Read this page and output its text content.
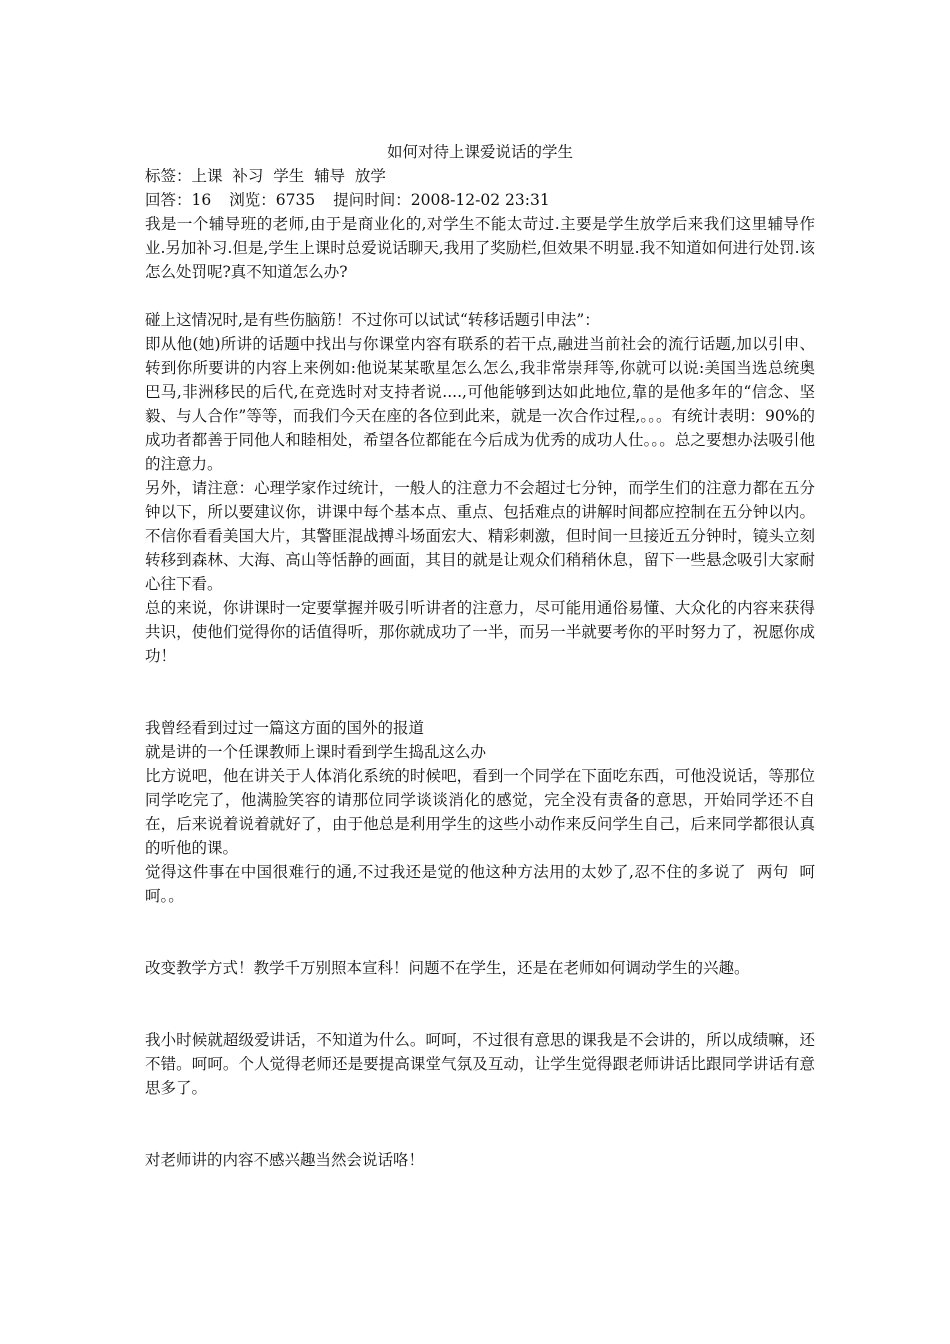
如何对待上课爱说话的学生

标签：上课  补习  学生  辅导  放学

回答：16 浏览：6735 提问时间：2008-12-02 23:31

我是一个辅导班的老师,由于是商业化的,对学生不能太苛过.主要是学生放学后来我们这里辅导作业.另加补习.但是,学生上课时总爱说话聊天,我用了奖励栏,但效果不明显.我不知道如何进行处罚.该怎么处罚呢?真不知道怎么办?

碰上这情况时,是有些伤脑筋！不过你可以试试“转移话题引申法”：

即从他(她)所讲的话题中找出与你课堂内容有联系的若干点,融进当前社会的流行话题,加以引申、转到你所要讲的内容上来例如:他说某某歌星怎么怎么,我非常崇拜等,你就可以说:美国当选总统奥巴马,非洲移民的后代,在竞选时对支持者说....,可他能够到达如此地位,靠的是他多年的“信念、坚毅、与人合作”等等，而我们今天在座的各位到此来，就是一次合作过程,。。。有统计表明：90%的成功者都善于同他人和睦相处，希望各位都能在今后成为优秀的成功人仕。。。总之要想办法吸引他的注意力。

另外，请注意：心理学家作过统计，一般人的注意力不会超过七分钟，而学生们的注意力都在五分钟以下，所以要建议你，讲课中每个基本点、重点、包括难点的讲解时间都应控制在五分钟以内。不信你看看美国大片，其警匪混战搏斗场面宏大、精彩刺激，但时间一旦接近五分钟时，镜头立刻转移到森林、大海、高山等恬静的画面，其目的就是让观众们稍稍休息，留下一些悬念吸引大家耐心往下看。

总的来说，你讲课时一定要掌握并吸引听讲者的注意力，尽可能用通俗易懂、大众化的内容来获得共识，使他们觉得你的话值得听，那你就成功了一半，而另一半就要考你的平时努力了，祝愿你成功！

我曾经看到过过一篇这方面的国外的报道

就是讲的一个任课教师上课时看到学生捣乱这么办

比方说吧，他在讲关于人体消化系统的时候吧，看到一个同学在下面吃东西，可他没说话，等那位同学吃完了，他满脸笑容的请那位同学谈谈消化的感觉，完全没有责备的意思，开始同学还不自在，后来说着说着就好了，由于他总是利用学生的这些小动作来反问学生自己，后来同学都很认真的听他的课。

觉得这件事在中国很难行的通,不过我还是觉的他这种方法用的太妙了,忍不住的多说了  两句  呵呵。。

改变教学方式！教学千万别照本宣科！问题不在学生，还是在老师如何调动学生的兴趣。

我小时候就超级爱讲话，不知道为什么。呵呵，不过很有意思的课我是不会讲的，所以成绩嘛，还不错。呵呵。个人觉得老师还是要提高课堂气氛及互动，让学生觉得跟老师讲话比跟同学讲话有意思多了。

对老师讲的内容不感兴趣当然会说话咯！
